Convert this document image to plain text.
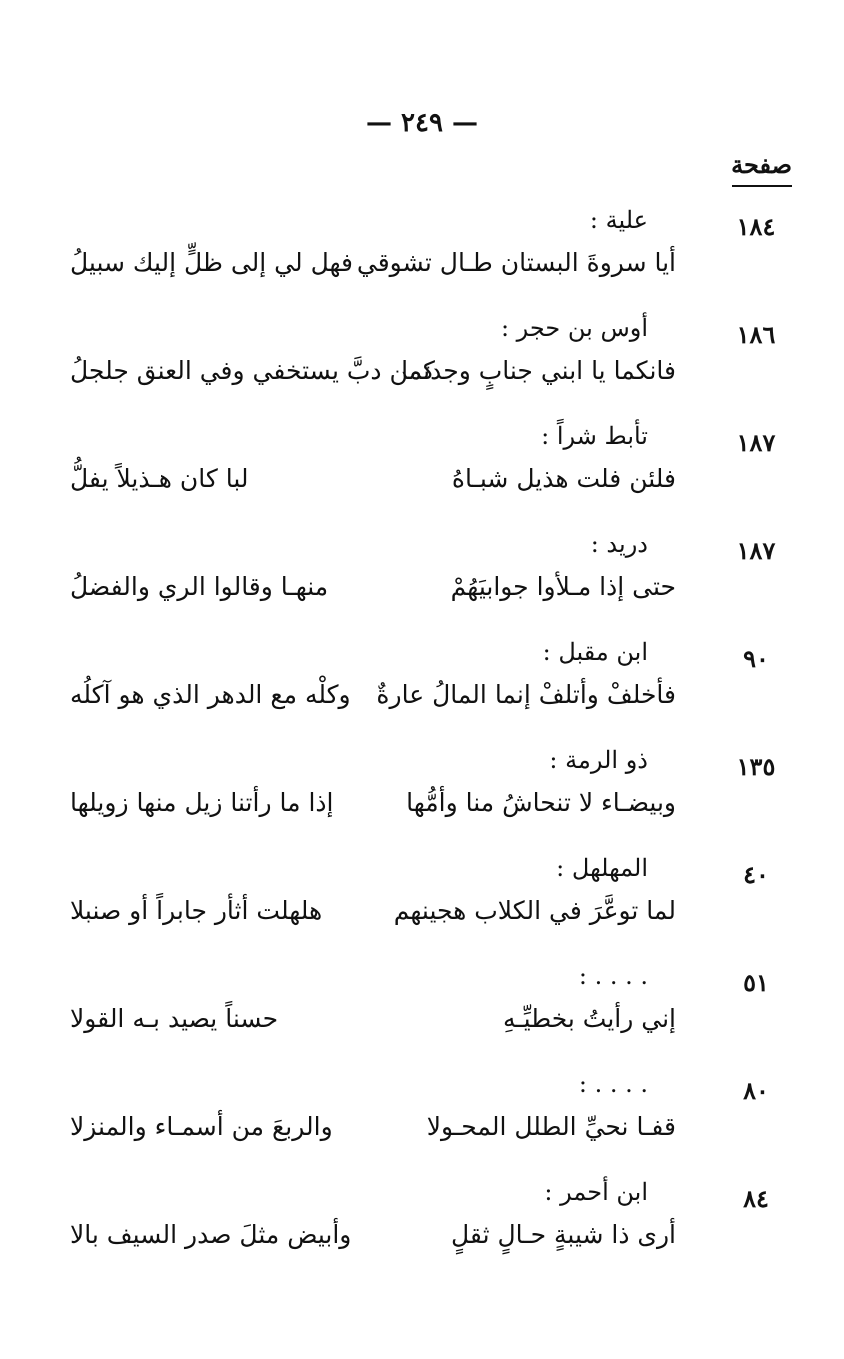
— ٢٤٩ —
صفحة
١٨٤
علية :
أيا سروةَ البستان طـال تشوقي
فهل لي إلى ظلٍّ إليك سبيلُ
١٨٦
أوس بن حجر :
فانكما يا ابني جنابٍ وجدتما
كمن دبَّ يستخفي وفي العنق جلجلُ
١٨٧
تأبط شراً :
فلئن فلت هذيل شبـاهُ
لبا كان هـذيلاً يفلُّ
١٨٧
دريد :
حتى إذا مـلأوا جوابيَهُمْ
منهـا وقالوا الري والفضلُ
٩٠
ابن مقبل :
فأخلفْ وأتلفْ إنما المالُ عارةٌ
وكلْه مع الدهر الذي هو آكلُه
١٣٥
ذو الرمة :
وبيضـاء لا تنحاشُ منا وأمُّها
إذا ما رأتنا زيل منها زويلها
٤٠
المهلهل :
لما توعَّرَ في الكلاب هجينهم
هلهلت أثأر جابراً أو صنبلا
٥١
. . . . :
إني رأيتُ بخطيِّـهِ
حسناً يصيد بـه القولا
٨٠
. . . . :
قفـا نحيِّ الطلل المحـولا
والربعَ من أسمـاء والمنزلا
٨٤
ابن أحمر :
أرى ذا شيبةٍ حـالٍ ثقلٍ
وأبيض مثلَ صدر السيف بالا
